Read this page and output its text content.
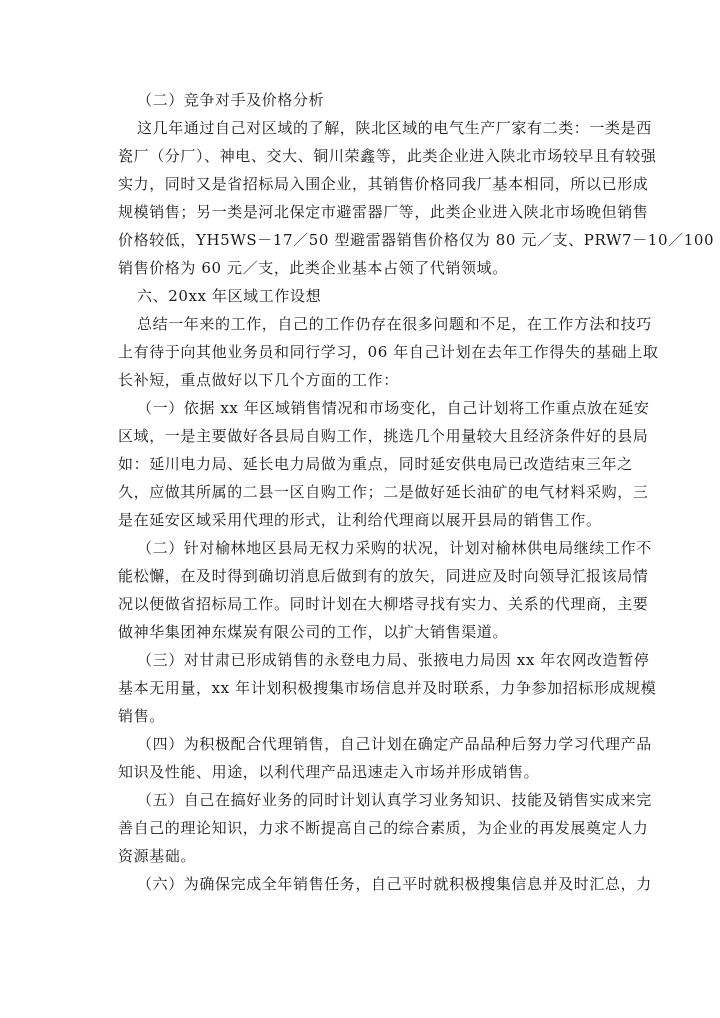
（二）竞争对手及价格分析

这几年通过自己对区域的了解，陕北区域的电气生产厂家有二类：一类是西

瓷厂（分厂）、神电、交大、铜川荣鑫等，此类企业进入陕北市场较早且有较强

实力，同时又是省招标局入围企业，其销售价格同我厂基本相同，所以已形成

规模销售；另一类是河北保定市避雷器厂等，此类企业进入陕北市场晚但销售

价格较低，YH5WS－17／50 型避雷器销售价格仅为 80 元／支、PRW7－10／100

销售价格为 60 元／支，此类企业基本占领了代销领域。

六、20xx 年区域工作设想

总结一年来的工作，自己的工作仍存在很多问题和不足，在工作方法和技巧

上有待于向其他业务员和同行学习，06 年自己计划在去年工作得失的基础上取

长补短，重点做好以下几个方面的工作：

（一）依据 xx 年区域销售情况和市场变化，自己计划将工作重点放在延安

区域，一是主要做好各县局自购工作，挑选几个用量较大且经济条件好的县局

如：延川电力局、延长电力局做为重点，同时延安供电局已改造结束三年之

久，应做其所属的二县一区自购工作；二是做好延长油矿的电气材料采购，三

是在延安区域采用代理的形式，让利给代理商以展开县局的销售工作。

（二）针对榆林地区县局无权力采购的状况，计划对榆林供电局继续工作不

能松懈，在及时得到确切消息后做到有的放矢，同进应及时向领导汇报该局情

况以便做省招标局工作。同时计划在大柳塔寻找有实力、关系的代理商，主要

做神华集团神东煤炭有限公司的工作，以扩大销售渠道。

（三）对甘肃已形成销售的永登电力局、张掖电力局因 xx 年农网改造暂停

基本无用量，xx 年计划积极搜集市场信息并及时联系，力争参加招标形成规模

销售。

（四）为积极配合代理销售，自己计划在确定产品品种后努力学习代理产品

知识及性能、用途，以利代理产品迅速走入市场并形成销售。

（五）自己在搞好业务的同时计划认真学习业务知识、技能及销售实成来完

善自己的理论知识，力求不断提高自己的综合素质，为企业的再发展奠定人力

资源基础。

（六）为确保完成全年销售任务，自己平时就积极搜集信息并及时汇总，力
